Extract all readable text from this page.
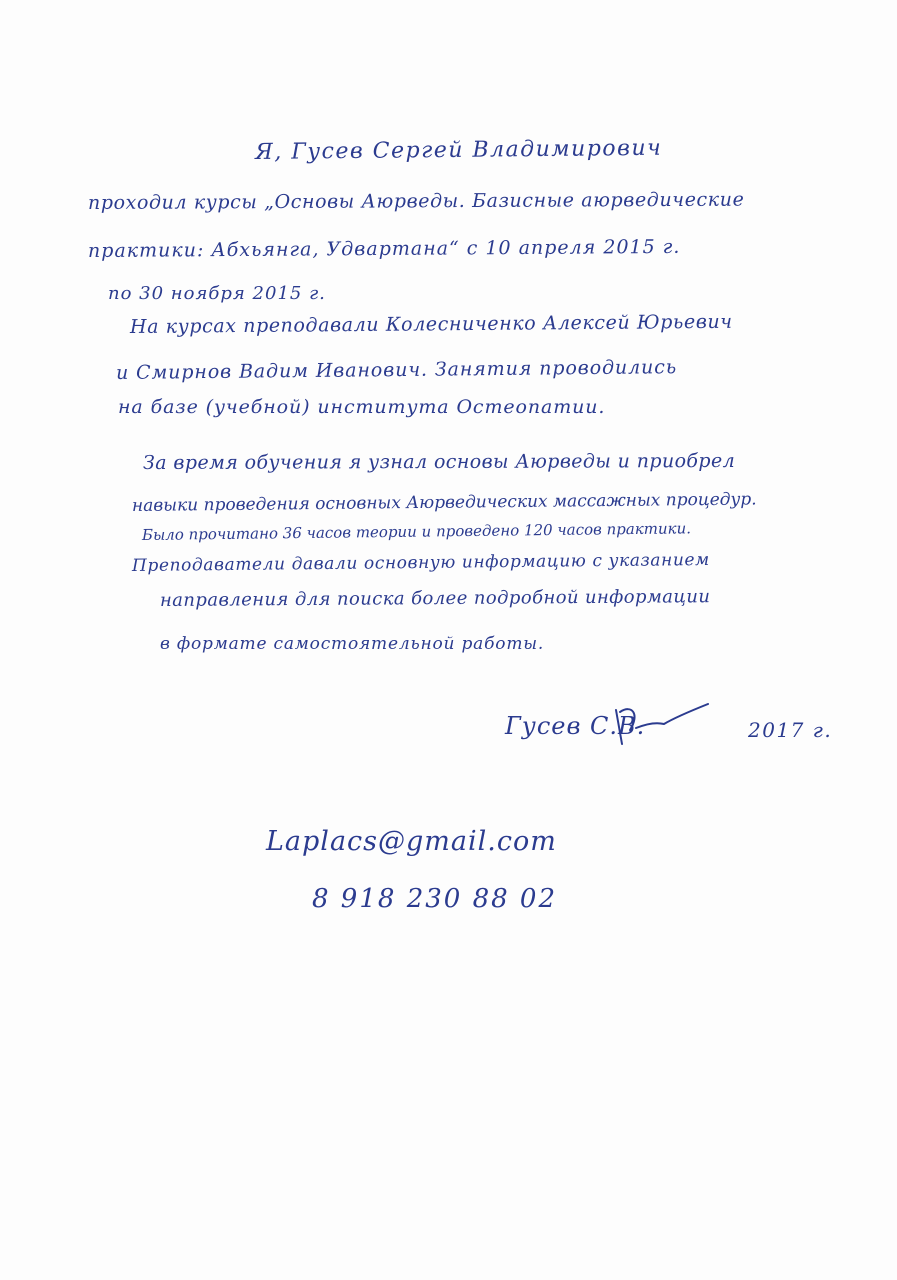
Я, Гусев Сергей Владимирович
проходил курсы „Основы Аюрведы. Базисные аюрведические
практики: Абхьянга, Удвартана“ с 10 апреля 2015 г.
по 30 ноября 2015 г.
На курсах преподавали Колесниченко Алексей Юрьевич
и Смирнов Вадим Иванович. Занятия проводились
на базе (учебной) института Остеопатии.
За время обучения я узнал основы Аюрведы и приобрел
навыки проведения основных Аюрведических массажных процедур.
Было прочитано 36 часов теории и проведено 120 часов практики.
Преподаватели давали основную информацию с указанием
направления для поиска более подробной информации
в формате самостоятельной работы.
Гусев С.В.	2017 г.
Laplacs@gmail.com
8 918 230 88 02
